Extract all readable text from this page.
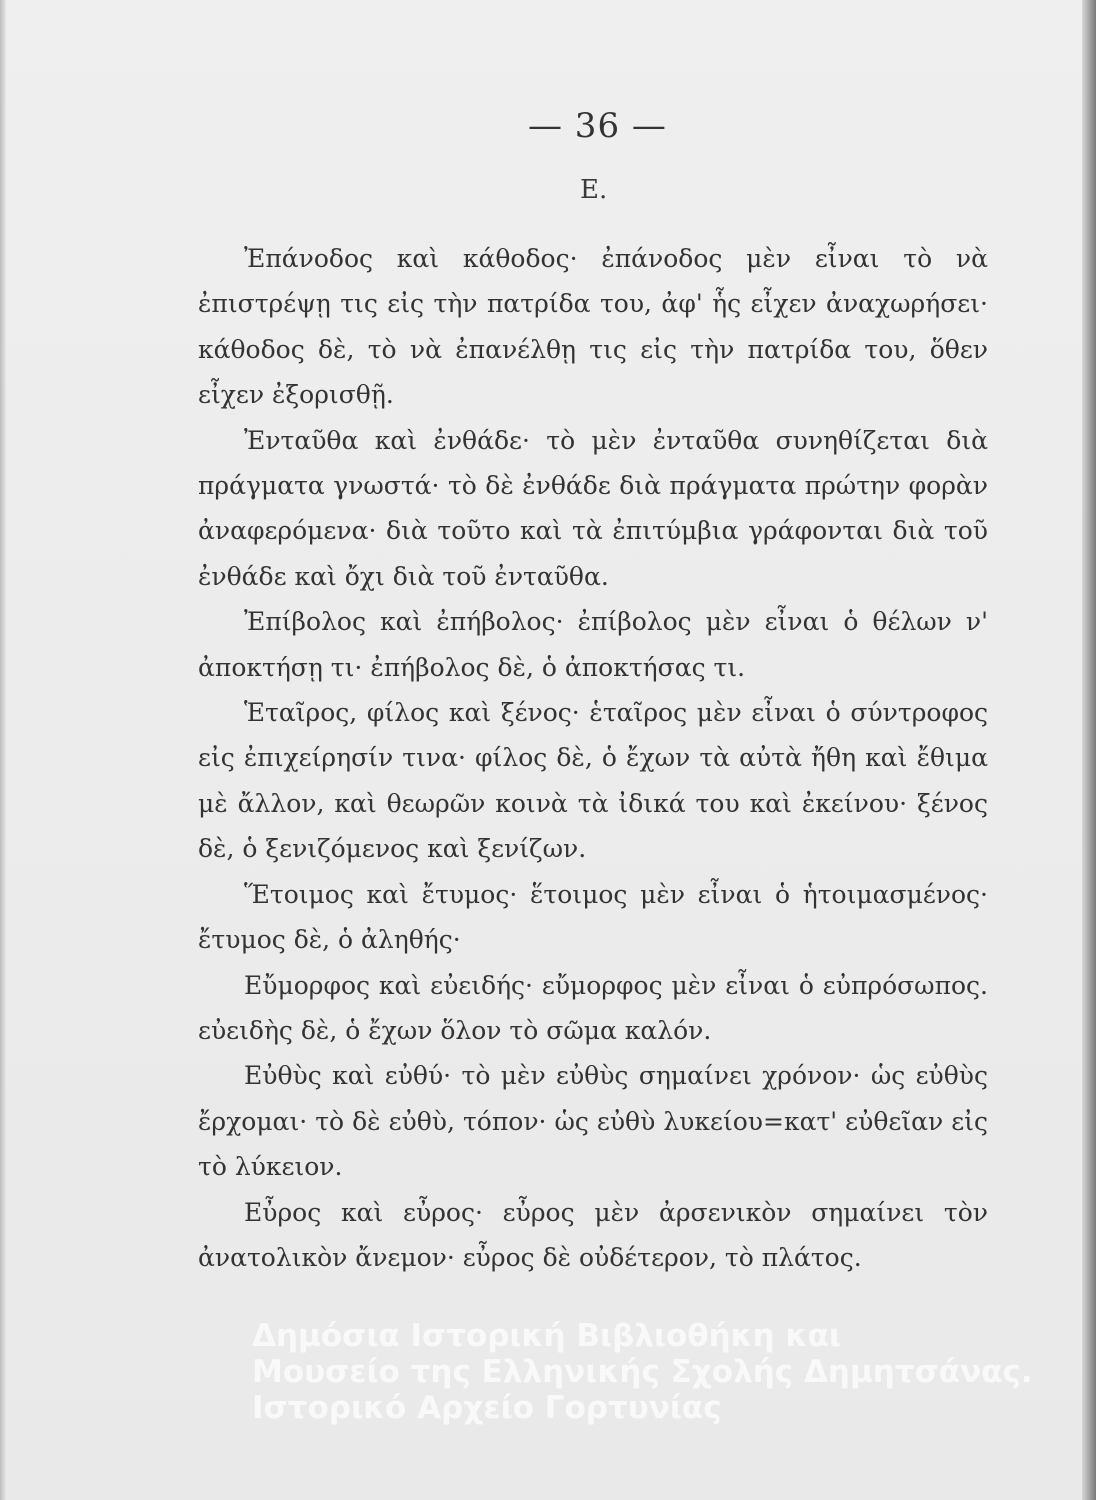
— 36 —
E.

Ἐπάνοδος καὶ κάθοδος· ἐπάνοδος μὲν εἶναι τὸ νὰ ἐπιστρέψῃ τις εἰς τὴν πατρίδα του, ἀφ' ἧς εἶχεν ἀναχωρήσει· κάθοδος δὲ, τὸ νὰ ἐπανέλθῃ τις εἰς τὴν πατρίδα του, ὅθεν εἶχεν ἐξορισθῇ.

Ἐνταῦθα καὶ ἐνθάδε· τὸ μὲν ἐνταῦθα συνηθίζεται διὰ πράγματα γνωστά· τὸ δὲ ἐνθάδε διὰ πράγματα πρώτην φορὰν ἀναφερόμενα· διὰ τοῦτο καὶ τὰ ἐπιτύμβια γράφονται διὰ τοῦ ἐνθάδε καὶ ὄχι διὰ τοῦ ἐνταῦθα.

Ἐπίβολος καὶ ἐπήβολος· ἐπίβολος μὲν εἶναι ὁ θέλων ν' ἀποκτήσῃ τι· ἐπήβολος δὲ, ὁ ἀποκτήσας τι.

Ἑταῖρος, φίλος καὶ ξένος· ἑταῖρος μὲν εἶναι ὁ σύντροφος εἰς ἐπιχείρησίν τινα· φίλος δὲ, ὁ ἔχων τὰ αὐτὰ ἤθη καὶ ἔθιμα μὲ ἄλλον, καὶ θεωρῶν κοινὰ τὰ ἰδικά του καὶ ἐκείνου· ξένος δὲ, ὁ ξενιζόμενος καὶ ξενίζων.

Ἕτοιμος καὶ ἔτυμος· ἕτοιμος μὲν εἶναι ὁ ἡτοιμασμένος· ἔτυμος δὲ, ὁ ἀληθής·

Εὔμορφος καὶ εὐειδής· εὔμορφος μὲν εἶναι ὁ εὐπρόσωπος. εὐειδὴς δὲ, ὁ ἔχων ὅλον τὸ σῶμα καλόν.

Εὐθὺς καὶ εὐθύ· τὸ μὲν εὐθὺς σημαίνει χρόνον· ὡς εὐθὺς ἔρχομαι· τὸ δὲ εὐθὺ, τόπον· ὡς εὐθὺ λυκείου=κατ' εὐθεῖαν εἰς τὸ λύκειον.

Εὖρος καὶ εὖρος· εὖρος μὲν ἀρσενικὸν σημαίνει τὸν ἀνατολικὸν ἄνεμον· εὖρος δὲ οὐδέτερον, τὸ πλάτος.

Δημόσια Ιστορική Βιβλιοθήκη και
Μουσείο της Ελληνικής Σχολής Δημητσάνας.
Ιστορικό Αρχείο Γορτυνίας
